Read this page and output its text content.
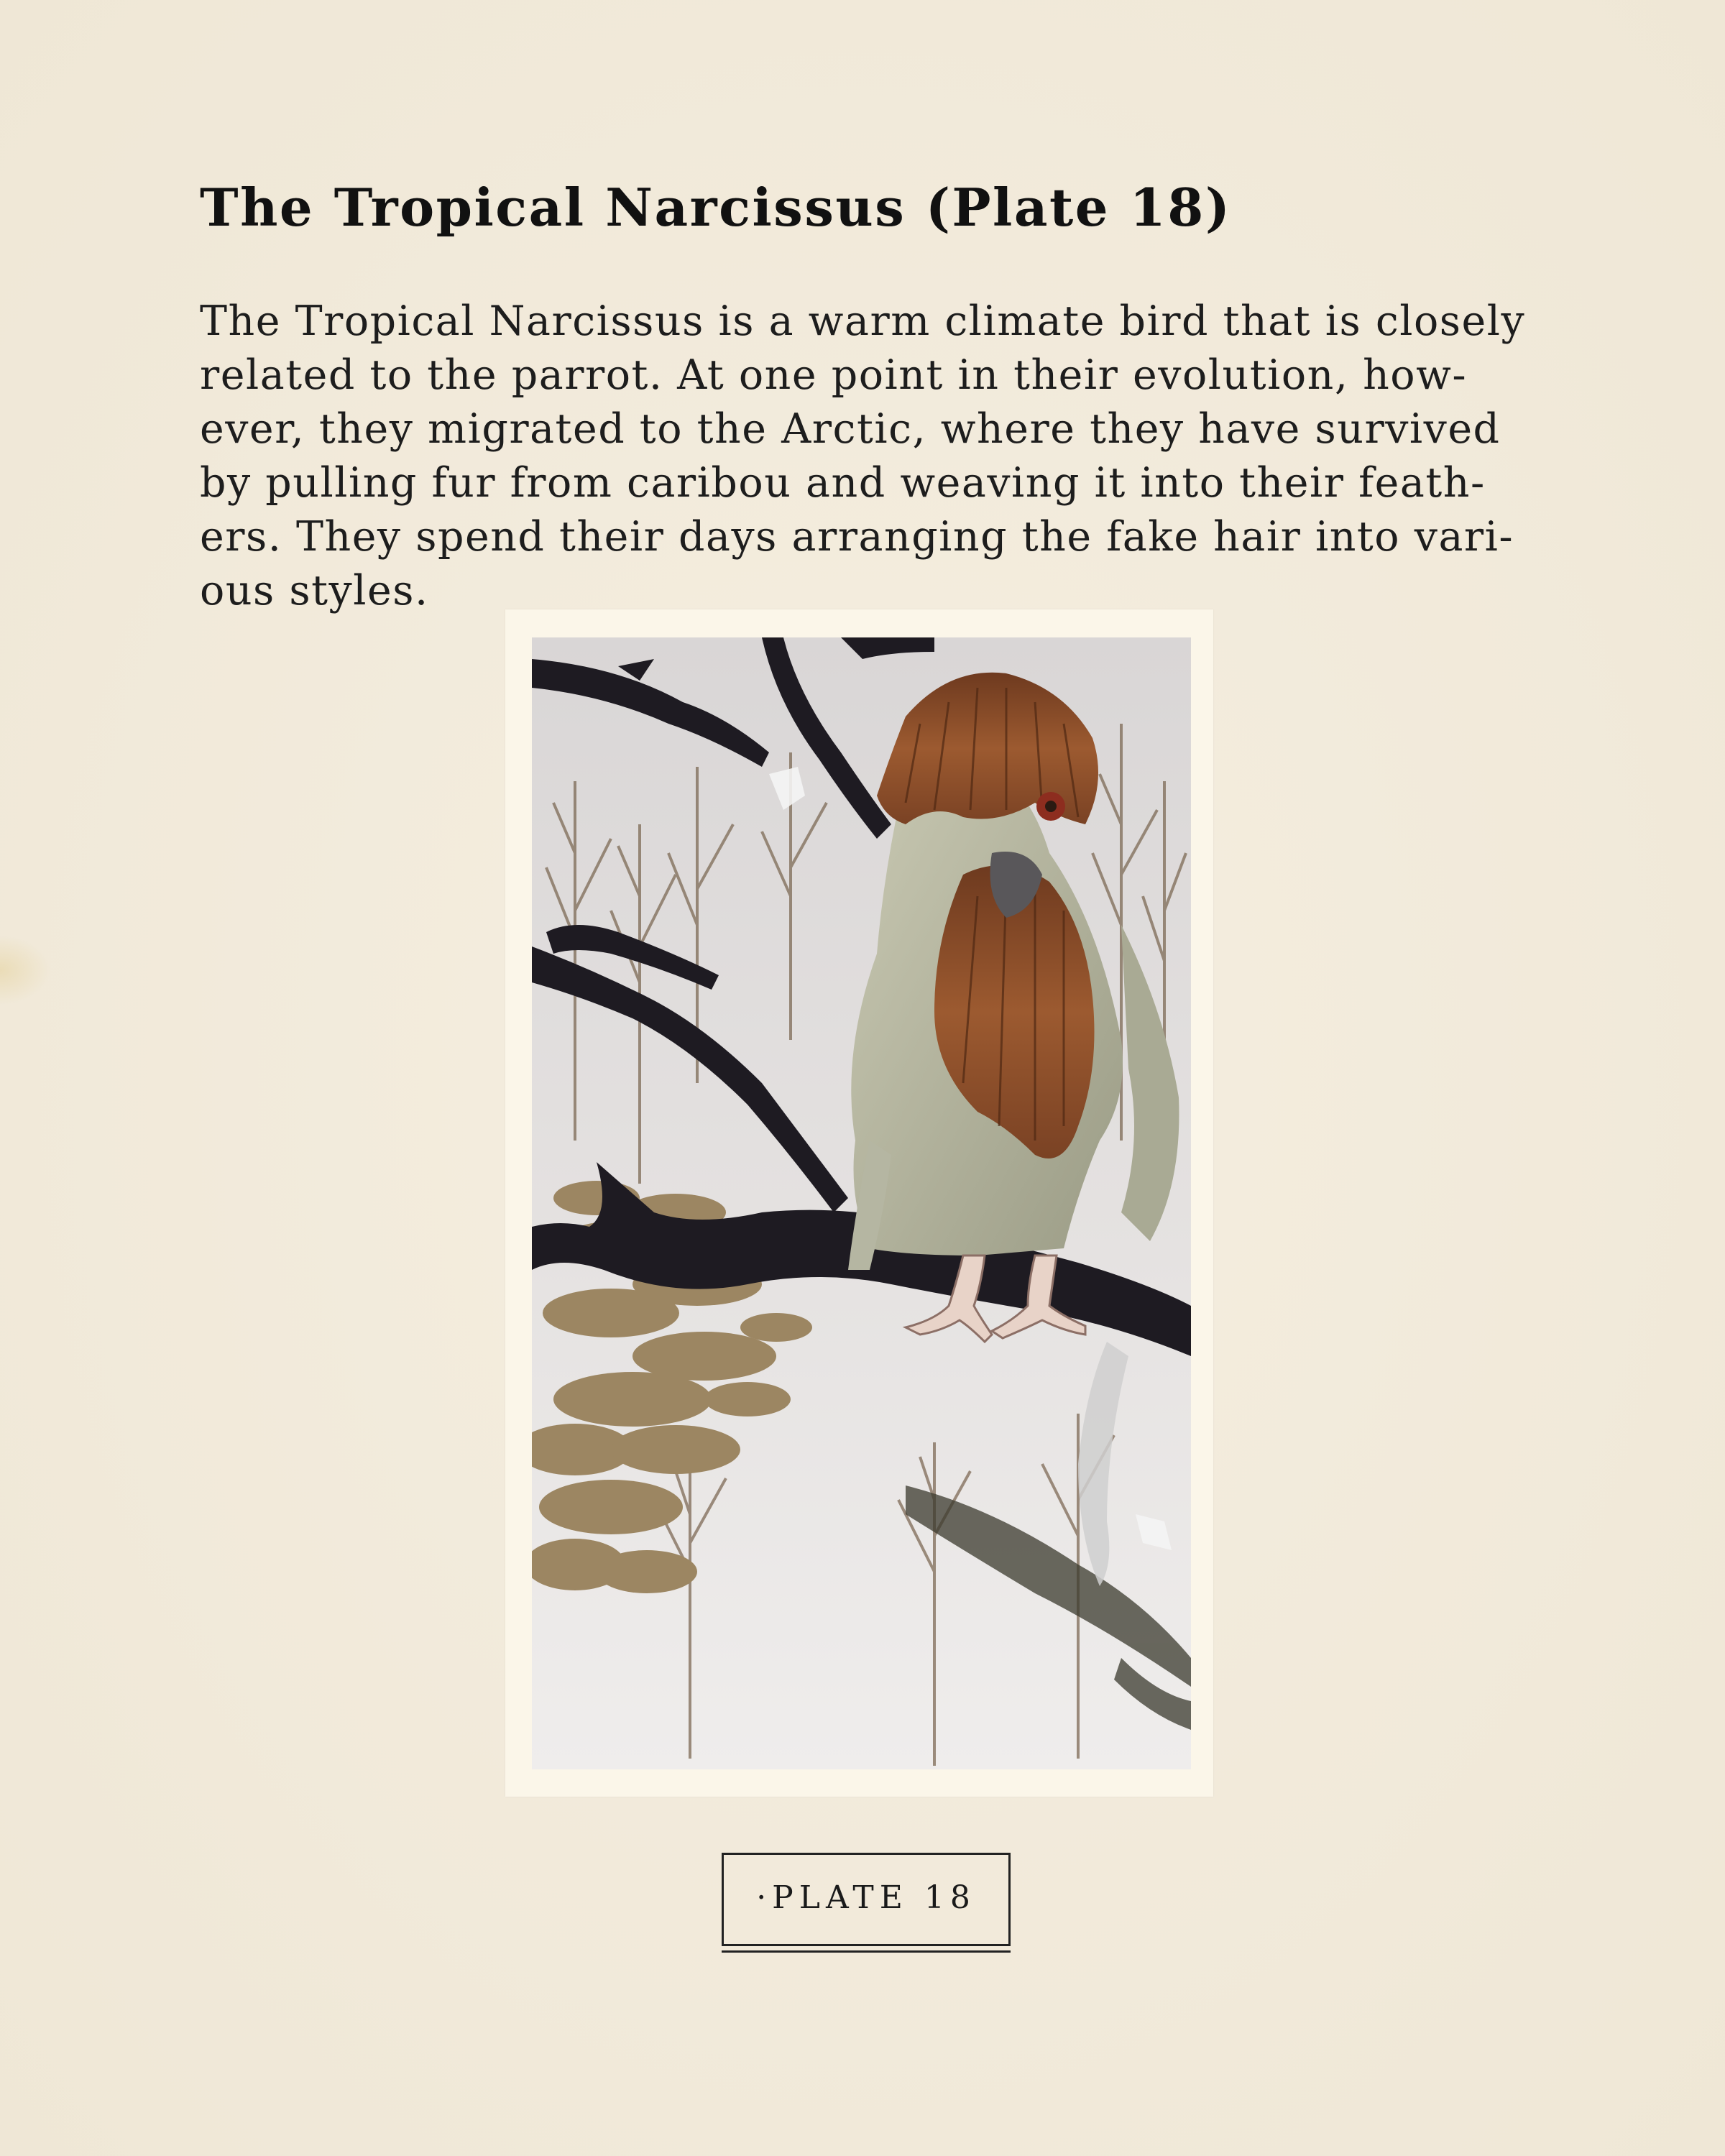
The Tropical Narcissus (Plate 18)
The Tropical Narcissus is a warm climate bird that is closely
related to the parrot. At one point in their evolution, how-
ever, they migrated to the Arctic, where they have survived
by pulling fur from caribou and weaving it into their feath-
ers. They spend their days arranging the fake hair into vari-
ous styles.
·PLATE 18
